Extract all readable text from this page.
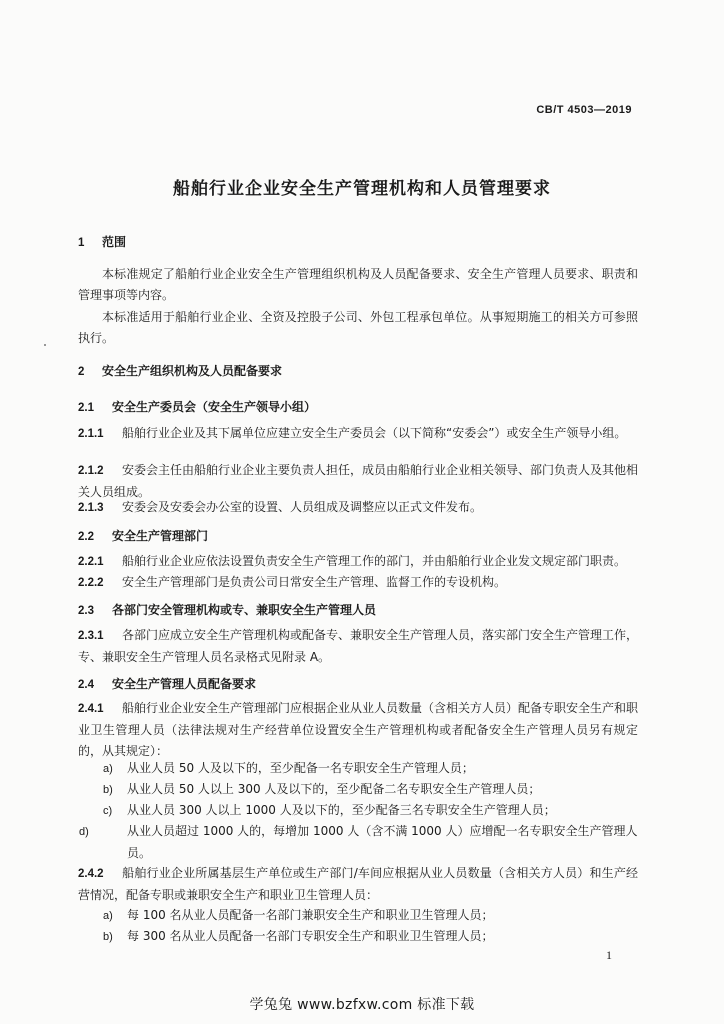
CB/T 4503—2019
船舶行业企业安全生产管理机构和人员管理要求
1 范围
本标准规定了船舶行业企业安全生产管理组织机构及人员配备要求、安全生产管理人员要求、职责和管理事项等内容。
本标准适用于船舶行业企业、全资及控股子公司、外包工程承包单位。从事短期施工的相关方可参照执行。
2 安全生产组织机构及人员配备要求
2.1 安全生产委员会（安全生产领导小组）
2.1.1 船舶行业企业及其下属单位应建立安全生产委员会（以下简称“安委会”）或安全生产领导小组。
2.1.2 安委会主任由船舶行业企业主要负责人担任，成员由船舶行业企业相关领导、部门负责人及其他相关人员组成。
2.1.3 安委会及安委会办公室的设置、人员组成及调整应以正式文件发布。
2.2 安全生产管理部门
2.2.1 船舶行业企业应依法设置负责安全生产管理工作的部门，并由船舶行业企业发文规定部门职责。
2.2.2 安全生产管理部门是负责公司日常安全生产管理、监督工作的专设机构。
2.3 各部门安全管理机构或专、兼职安全生产管理人员
2.3.1 各部门应成立安全生产管理机构或配备专、兼职安全生产管理人员，落实部门安全生产管理工作，专、兼职安全生产管理人员名录格式见附录 A。
2.4 安全生产管理人员配备要求
2.4.1 船舶行业企业安全生产管理部门应根据企业从业人员数量（含相关方人员）配备专职安全生产和职业卫生管理人员（法律法规对生产经营单位设置安全生产管理机构或者配备安全生产管理人员另有规定的，从其规定）：
a) 从业人员 50 人及以下的，至少配备一名专职安全生产管理人员；
b) 从业人员 50 人以上 300 人及以下的，至少配备二名专职安全生产管理人员；
c) 从业人员 300 人以上 1000 人及以下的，至少配备三名专职安全生产管理人员；
d)	从业人员超过 1000 人的，每增加 1000 人（含不满 1000 人）应增配一名专职安全生产管理人员。
2.4.2 船舶行业企业所属基层生产单位或生产部门/车间应根据从业人员数量（含相关方人员）和生产经营情况，配备专职或兼职安全生产和职业卫生管理人员：
a) 每 100 名从业人员配备一名部门兼职安全生产和职业卫生管理人员；
b) 每 300 名从业人员配备一名部门专职安全生产和职业卫生管理人员；
1
学兔兔 www.bzfxw.com 标准下载
